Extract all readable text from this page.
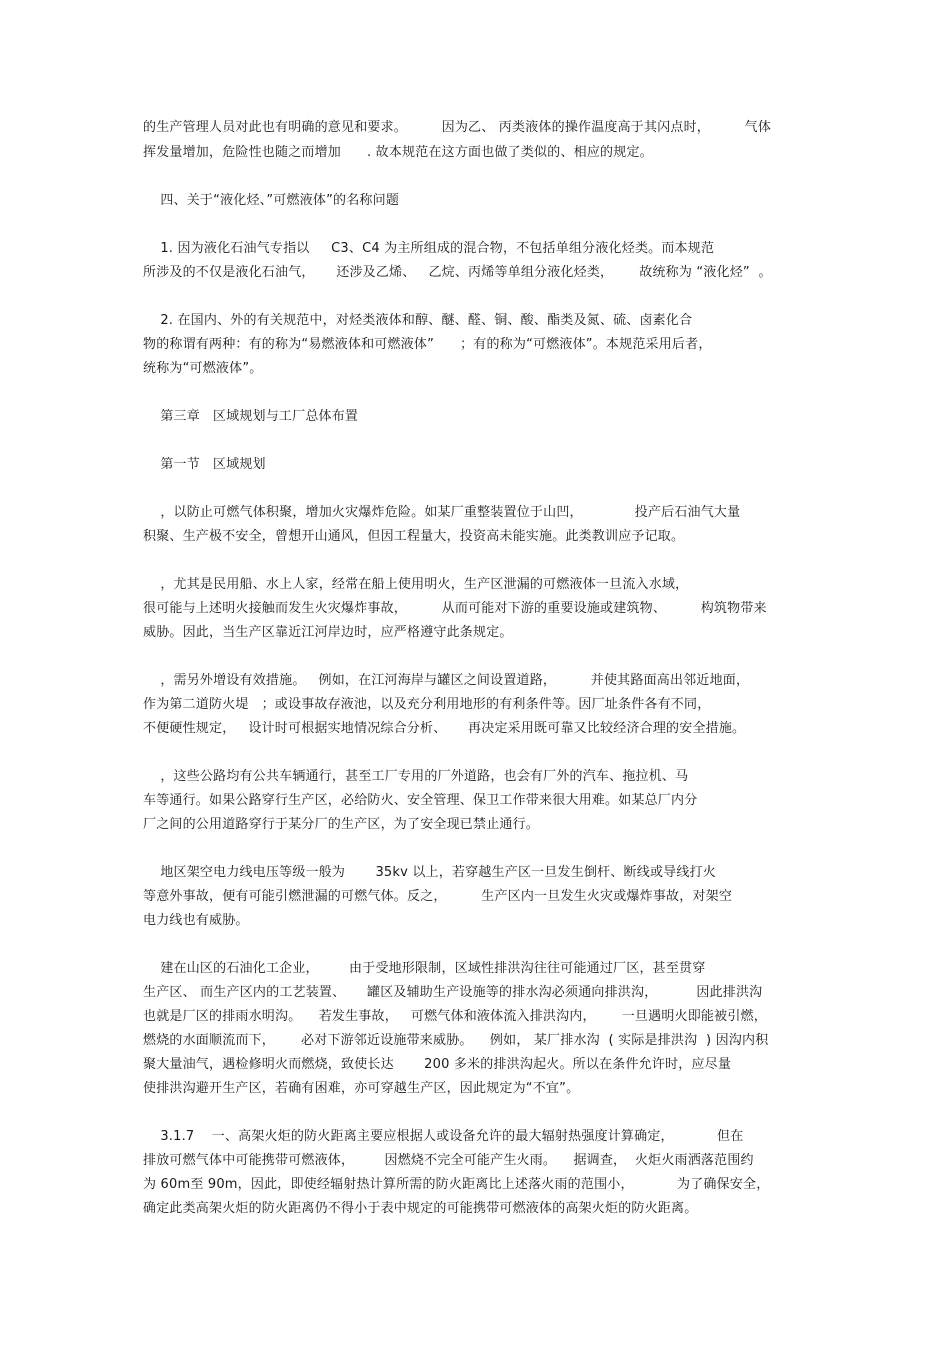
的生产管理人员对此也有明确的意见和要求。        因为乙、 丙类液体的操作温度高于其闪点时，        气体
挥发量增加，危险性也随之而增加      . 故本规范在这方面也做了类似的、相应的规定。
四、关于“液化烃、”可燃液体”的名称问题
1. 因为液化石油气专指以     C3、C4 为主所组成的混合物，不包括单组分液化烃类。而本规范
所涉及的不仅是液化石油气，     还涉及乙烯、   乙烷、丙烯等单组分液化烃类，      故统称为 “液化烃”  。
2. 在国内、外的有关规范中，对烃类液体和醇、醚、醛、铜、酸、酯类及氮、硫、卤素化合
物的称谓有两种：有的称为“易燃液体和可燃液体”      ；有的称为“可燃液体”。本规范采用后者，
统称为“可燃液体”。
第三章   区域规划与工厂总体布置
第一节   区域规划
，以防止可燃气体积聚，增加火灾爆炸危险。如某厂重整装置位于山凹，            投产后石油气大量
积聚、生产极不安全，曾想开山通风，但因工程量大，投资高未能实施。此类教训应予记取。
，尤其是民用船、水上人家，经常在船上使用明火，生产区泄漏的可燃液体一旦流入水域，
很可能与上述明火接触而发生火灾爆炸事故，        从而可能对下游的重要设施或建筑物、        构筑物带来
威胁。因此，当生产区靠近江河岸边时，应严格遵守此条规定。
，需另外增设有效措施。   例如，在江河海岸与罐区之间设置道路，        并使其路面高出邻近地面，
作为第二道防火堤   ；或设事故存液池，以及充分利用地形的有利条件等。因厂址条件各有不同，
不便硬性规定，   设计时可根据实地情况综合分析、     再决定采用既可靠又比较经济合理的安全措施。
，这些公路均有公共车辆通行，甚至工厂专用的厂外道路，也会有厂外的汽车、拖拉机、马
车等通行。如果公路穿行生产区，必给防火、安全管理、保卫工作带来很大用难。如某总厂内分
厂之间的公用道路穿行于某分厂的生产区，为了安全现已禁止通行。
地区架空电力线电压等级一般为       35kv 以上，若穿越生产区一旦发生倒杆、断线或导线打火
等意外事故，便有可能引燃泄漏的可燃气体。反之，        生产区内一旦发生火灾或爆炸事故，对架空
电力线也有威胁。
建在山区的石油化工企业，       由于受地形限制，区域性排洪沟往往可能通过厂区，甚至贯穿
生产区、 而生产区内的工艺装置、     罐区及辅助生产设施等的排水沟必须通向排洪沟，         因此排洪沟
也就是厂区的排雨水明沟。    若发生事故，   可燃气体和液体流入排洪沟内，      一旦遇明火即能被引燃，
燃烧的水面顺流而下，      必对下游邻近设施带来威胁。    例如， 某厂排水沟  ( 实际是排洪沟  ) 因沟内积
聚大量油气，遇检修明火而燃烧，致使长达       200 多米的排洪沟起火。所以在条件允许时，应尽量
使排洪沟避开生产区，若确有困难，亦可穿越生产区，因此规定为“不宜”。
3.1.7    一、高架火炬的防火距离主要应根据人或设备允许的最大辐射热强度计算确定，          但在
排放可燃气体中可能携带可燃液体，       因燃烧不完全可能产生火雨。    据调查，  火炬火雨洒落范围约
为 60m至 90m，因此，即使经辐射热计算所需的防火距离比上述落火雨的范围小，          为了确保安全，
确定此类高架火炬的防火距离仍不得小于表中规定的可能携带可燃液体的高架火炬的防火距离。
